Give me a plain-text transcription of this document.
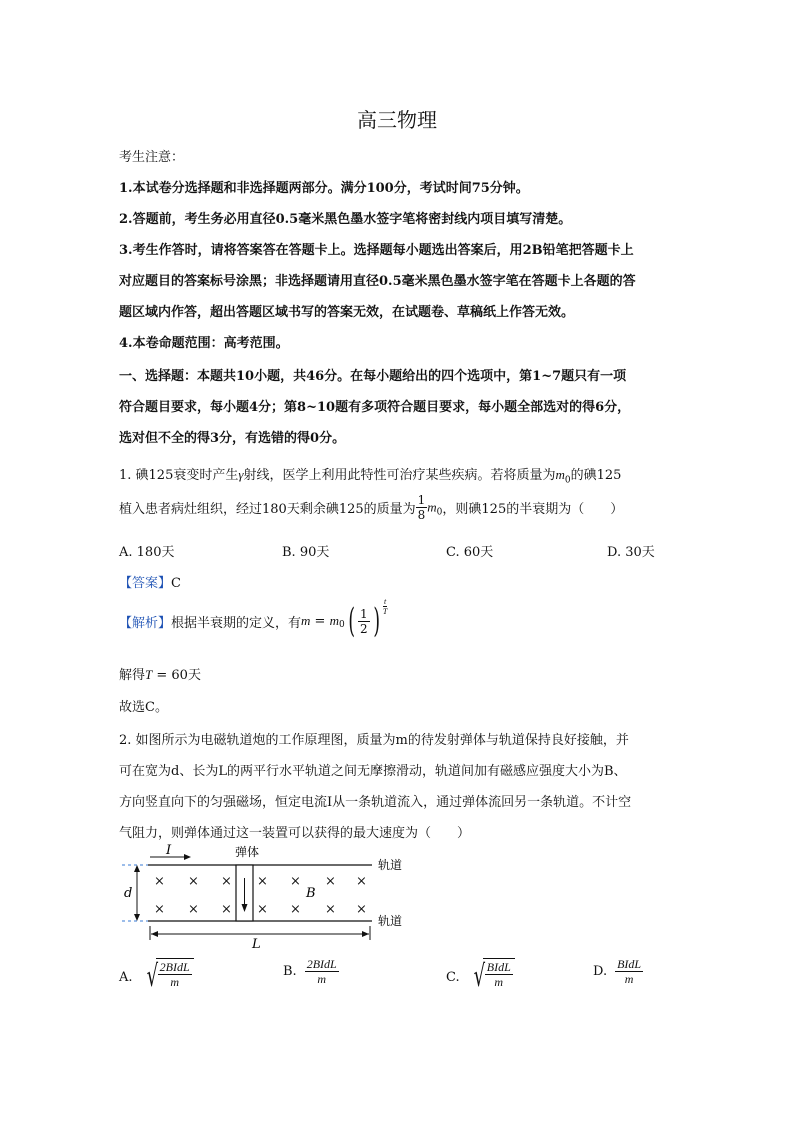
高三物理
考生注意：
1.本试卷分选择题和非选择题两部分。满分100分，考试时间75分钟。
2.答题前，考生务必用直径0.5毫米黑色墨水签字笔将密封线内项目填写清楚。
3.考生作答时，请将答案答在答题卡上。选择题每小题选出答案后，用2B铅笔把答题卡上
对应题目的答案标号涂黑；非选择题请用直径0.5毫米黑色墨水签字笔在答题卡上各题的答
题区域内作答，超出答题区域书写的答案无效，在试题卷、草稿纸上作答无效。
4.本卷命题范围：高考范围。
一、选择题：本题共10小题，共46分。在每小题给出的四个选项中，第1~7题只有一项
符合题目要求，每小题4分；第8~10题有多项符合题目要求，每小题全部选对的得6分，
选对但不全的得3分，有选错的得0分。
1. 碘125衰变时产生γ射线，医学上利用此特性可治疗某些疾病。若将质量为$m_0$的碘125
植入患者病灶组织，经过180天剩余碘125的质量为 $\frac{1}{8} m_0$，则碘125的半衰期为（　　）
A. 180天	B. 90天	C. 60天	D. 30天
【答案】C
【解析】 根据半衰期的定义，有 $m = m_0$ ( $\frac{1}{2}$ ) $\frac{t}{T}$
解得T = 60天
故选C。
2. 如图所示为电磁轨道炮的工作原理图，质量为m的待发射弹体与轨道保持良好接触，并
可在宽为d、长为L的两平行水平轨道之间无摩擦滑动，轨道间加有磁感应强度大小为B、
方向竖直向下的匀强磁场，恒定电流I从一条轨道流入，通过弹体流回另一条轨道。不计空
气阻力，则弹体通过这一装置可以获得的最大速度为（　　）
I	弹体
轨道
轨道
d
× × × × × × ×
× × × × × × ×
B
L
A. √
$\frac{\text{2BIdL}}{m}$	B. $\frac{\text{2BIdL}}{m}$	C. √
$\frac{\text{BIdL}}{m}$	D. $\frac{\text{BIdL}}{m}$
